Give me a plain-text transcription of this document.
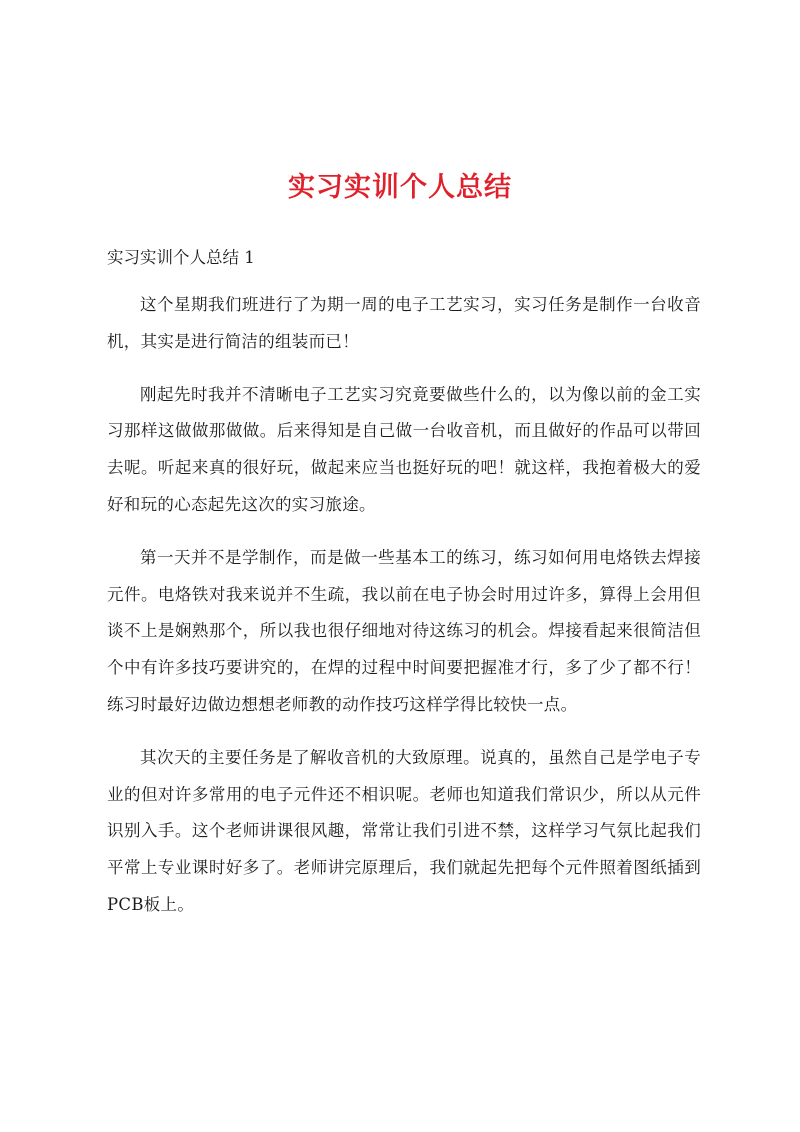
实习实训个人总结

实习实训个人总结 1

这个星期我们班进行了为期一周的电子工艺实习，实习任务是制作一台收音机，其实是进行简洁的组装而已！

刚起先时我并不清晰电子工艺实习究竟要做些什么的，以为像以前的金工实习那样这做做那做做。后来得知是自己做一台收音机，而且做好的作品可以带回去呢。听起来真的很好玩，做起来应当也挺好玩的吧！就这样，我抱着极大的爱好和玩的心态起先这次的实习旅途。

第一天并不是学制作，而是做一些基本工的练习，练习如何用电烙铁去焊接元件。电烙铁对我来说并不生疏，我以前在电子协会时用过许多，算得上会用但谈不上是娴熟那个，所以我也很仔细地对待这练习的机会。焊接看起来很简洁但个中有许多技巧要讲究的，在焊的过程中时间要把握准才行，多了少了都不行！练习时最好边做边想想老师教的动作技巧这样学得比较快一点。

其次天的主要任务是了解收音机的大致原理。说真的，虽然自己是学电子专业的但对许多常用的电子元件还不相识呢。老师也知道我们常识少，所以从元件识别入手。这个老师讲课很风趣，常常让我们引进不禁，这样学习气氛比起我们平常上专业课时好多了。老师讲完原理后，我们就起先把每个元件照着图纸插到PCB板上。
